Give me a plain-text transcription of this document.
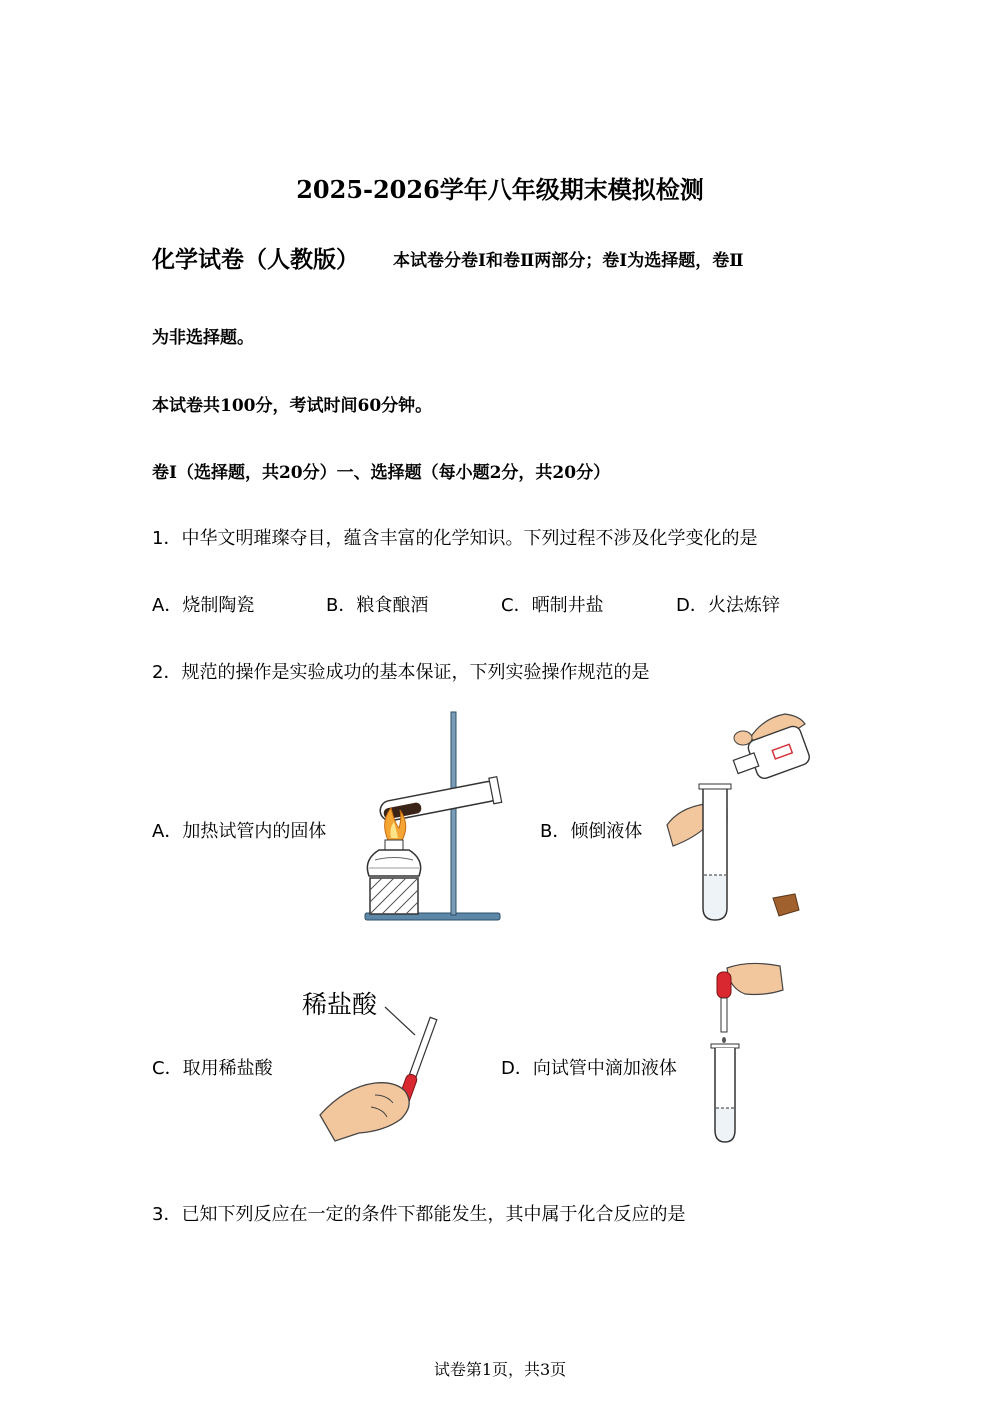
2025-2026学年八年级期末模拟检测
化学试卷（人教版） 本试卷分卷Ⅰ和卷Ⅱ两部分；卷Ⅰ为选择题，卷Ⅱ
为非选择题。
本试卷共100分，考试时间60分钟。
卷Ⅰ（选择题，共20分）一、选择题（每小题2分，共20分）
1．中华文明璀璨夺目，蕴含丰富的化学知识。下列过程不涉及化学变化的是
A．烧制陶瓷	B．粮食酿酒	C．晒制井盐	D．火法炼锌
2．规范的操作是实验成功的基本保证，下列实验操作规范的是
A．加热试管内的固体	B．倾倒液体
C．取用稀盐酸	D．向试管中滴加液体
稀盐酸
3．已知下列反应在一定的条件下都能发生，其中属于化合反应的是
试卷第1页，共3页
